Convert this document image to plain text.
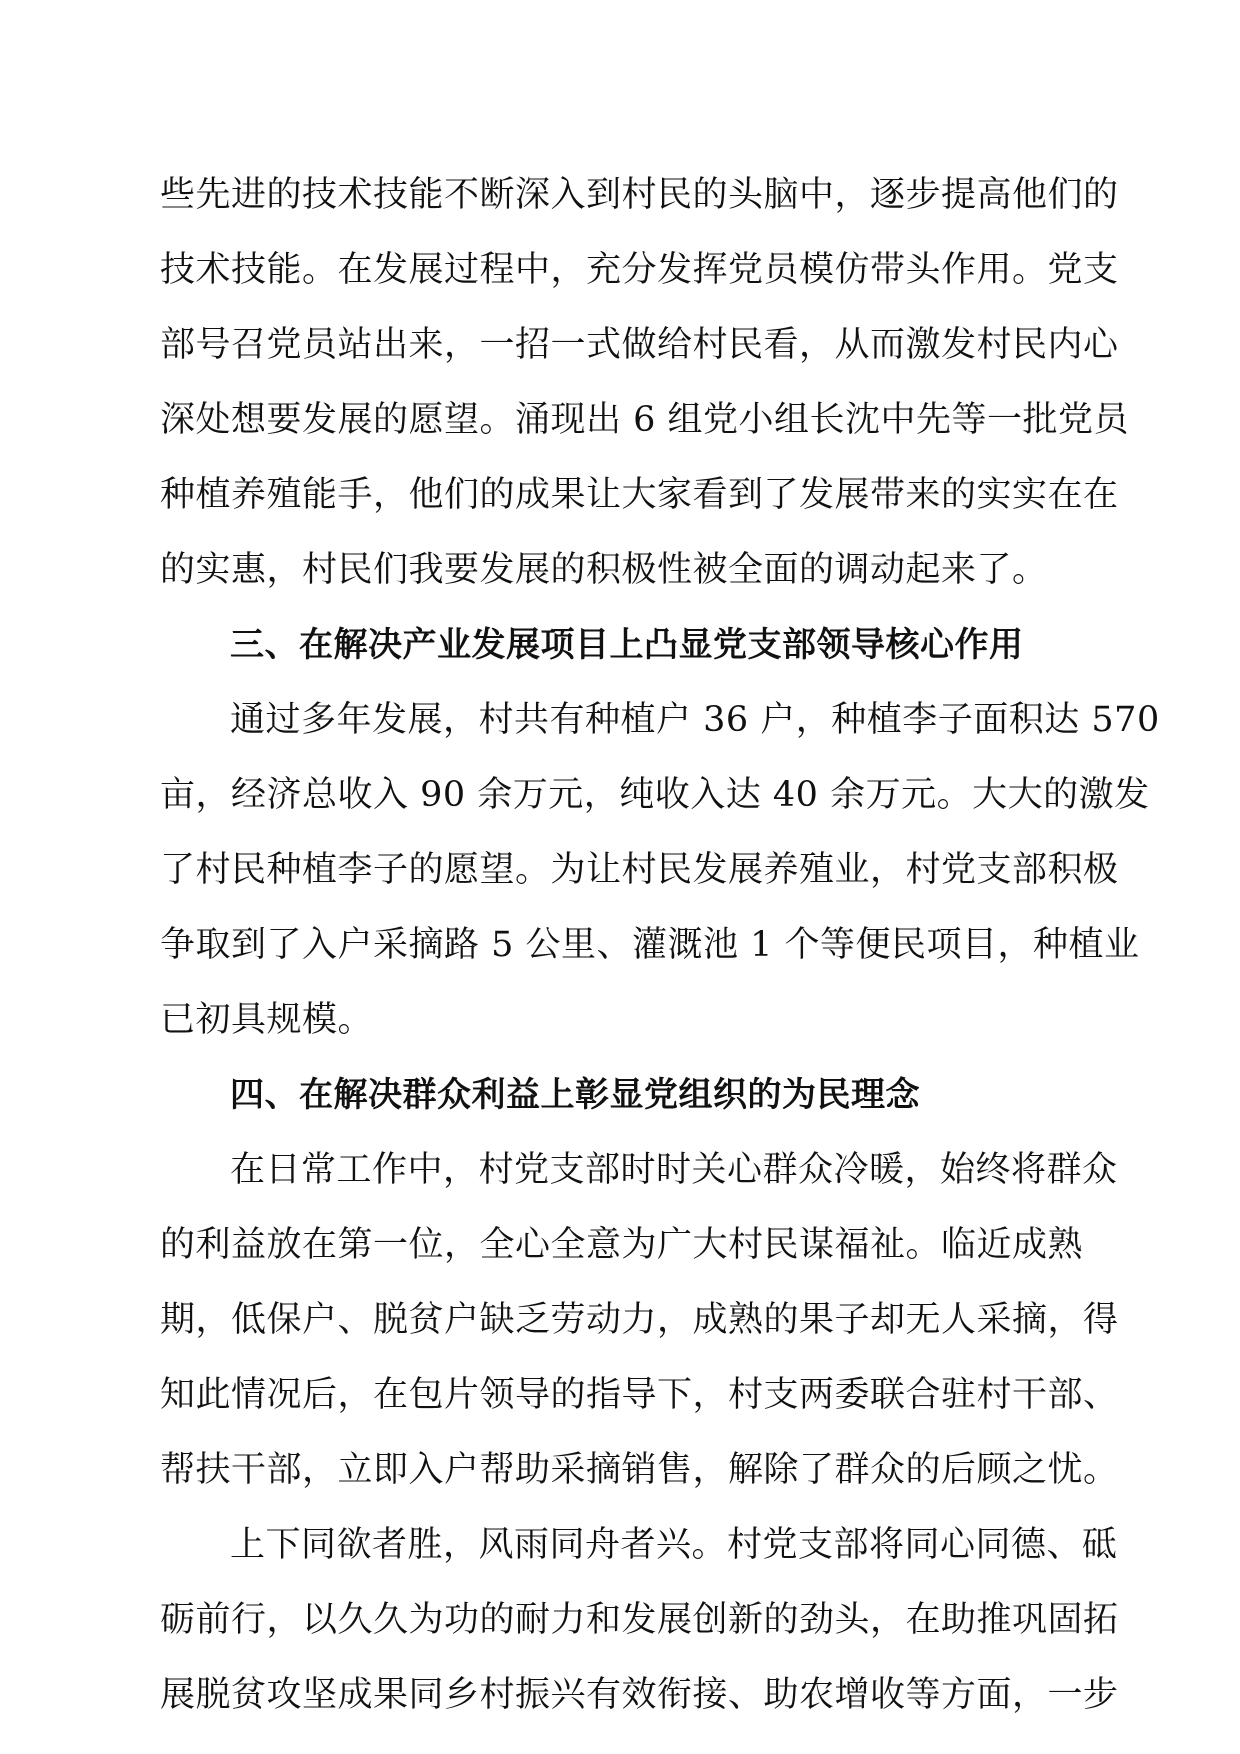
些先进的技术技能不断深入到村民的头脑中，逐步提高他们的
技术技能。在发展过程中，充分发挥党员模仿带头作用。党支
部号召党员站出来，一招一式做给村民看，从而激发村民内心
深处想要发展的愿望。涌现出 6 组党小组长沈中先等一批党员
种植养殖能手，他们的成果让大家看到了发展带来的实实在在
的实惠，村民们我要发展的积极性被全面的调动起来了。
三、在解决产业发展项目上凸显党支部领导核心作用
通过多年发展，村共有种植户 36 户，种植李子面积达 570
亩，经济总收入 90 余万元，纯收入达 40 余万元。大大的激发
了村民种植李子的愿望。为让村民发展养殖业，村党支部积极
争取到了入户采摘路 5 公里、灌溉池 1 个等便民项目，种植业
已初具规模。
四、在解决群众利益上彰显党组织的为民理念
在日常工作中，村党支部时时关心群众冷暖，始终将群众
的利益放在第一位，全心全意为广大村民谋福祉。临近成熟
期，低保户、脱贫户缺乏劳动力，成熟的果子却无人采摘，得
知此情况后，在包片领导的指导下，村支两委联合驻村干部、
帮扶干部，立即入户帮助采摘销售，解除了群众的后顾之忧。
上下同欲者胜，风雨同舟者兴。村党支部将同心同德、砥
砺前行，以久久为功的耐力和发展创新的劲头，在助推巩固拓
展脱贫攻坚成果同乡村振兴有效衔接、助农增收等方面，一步
